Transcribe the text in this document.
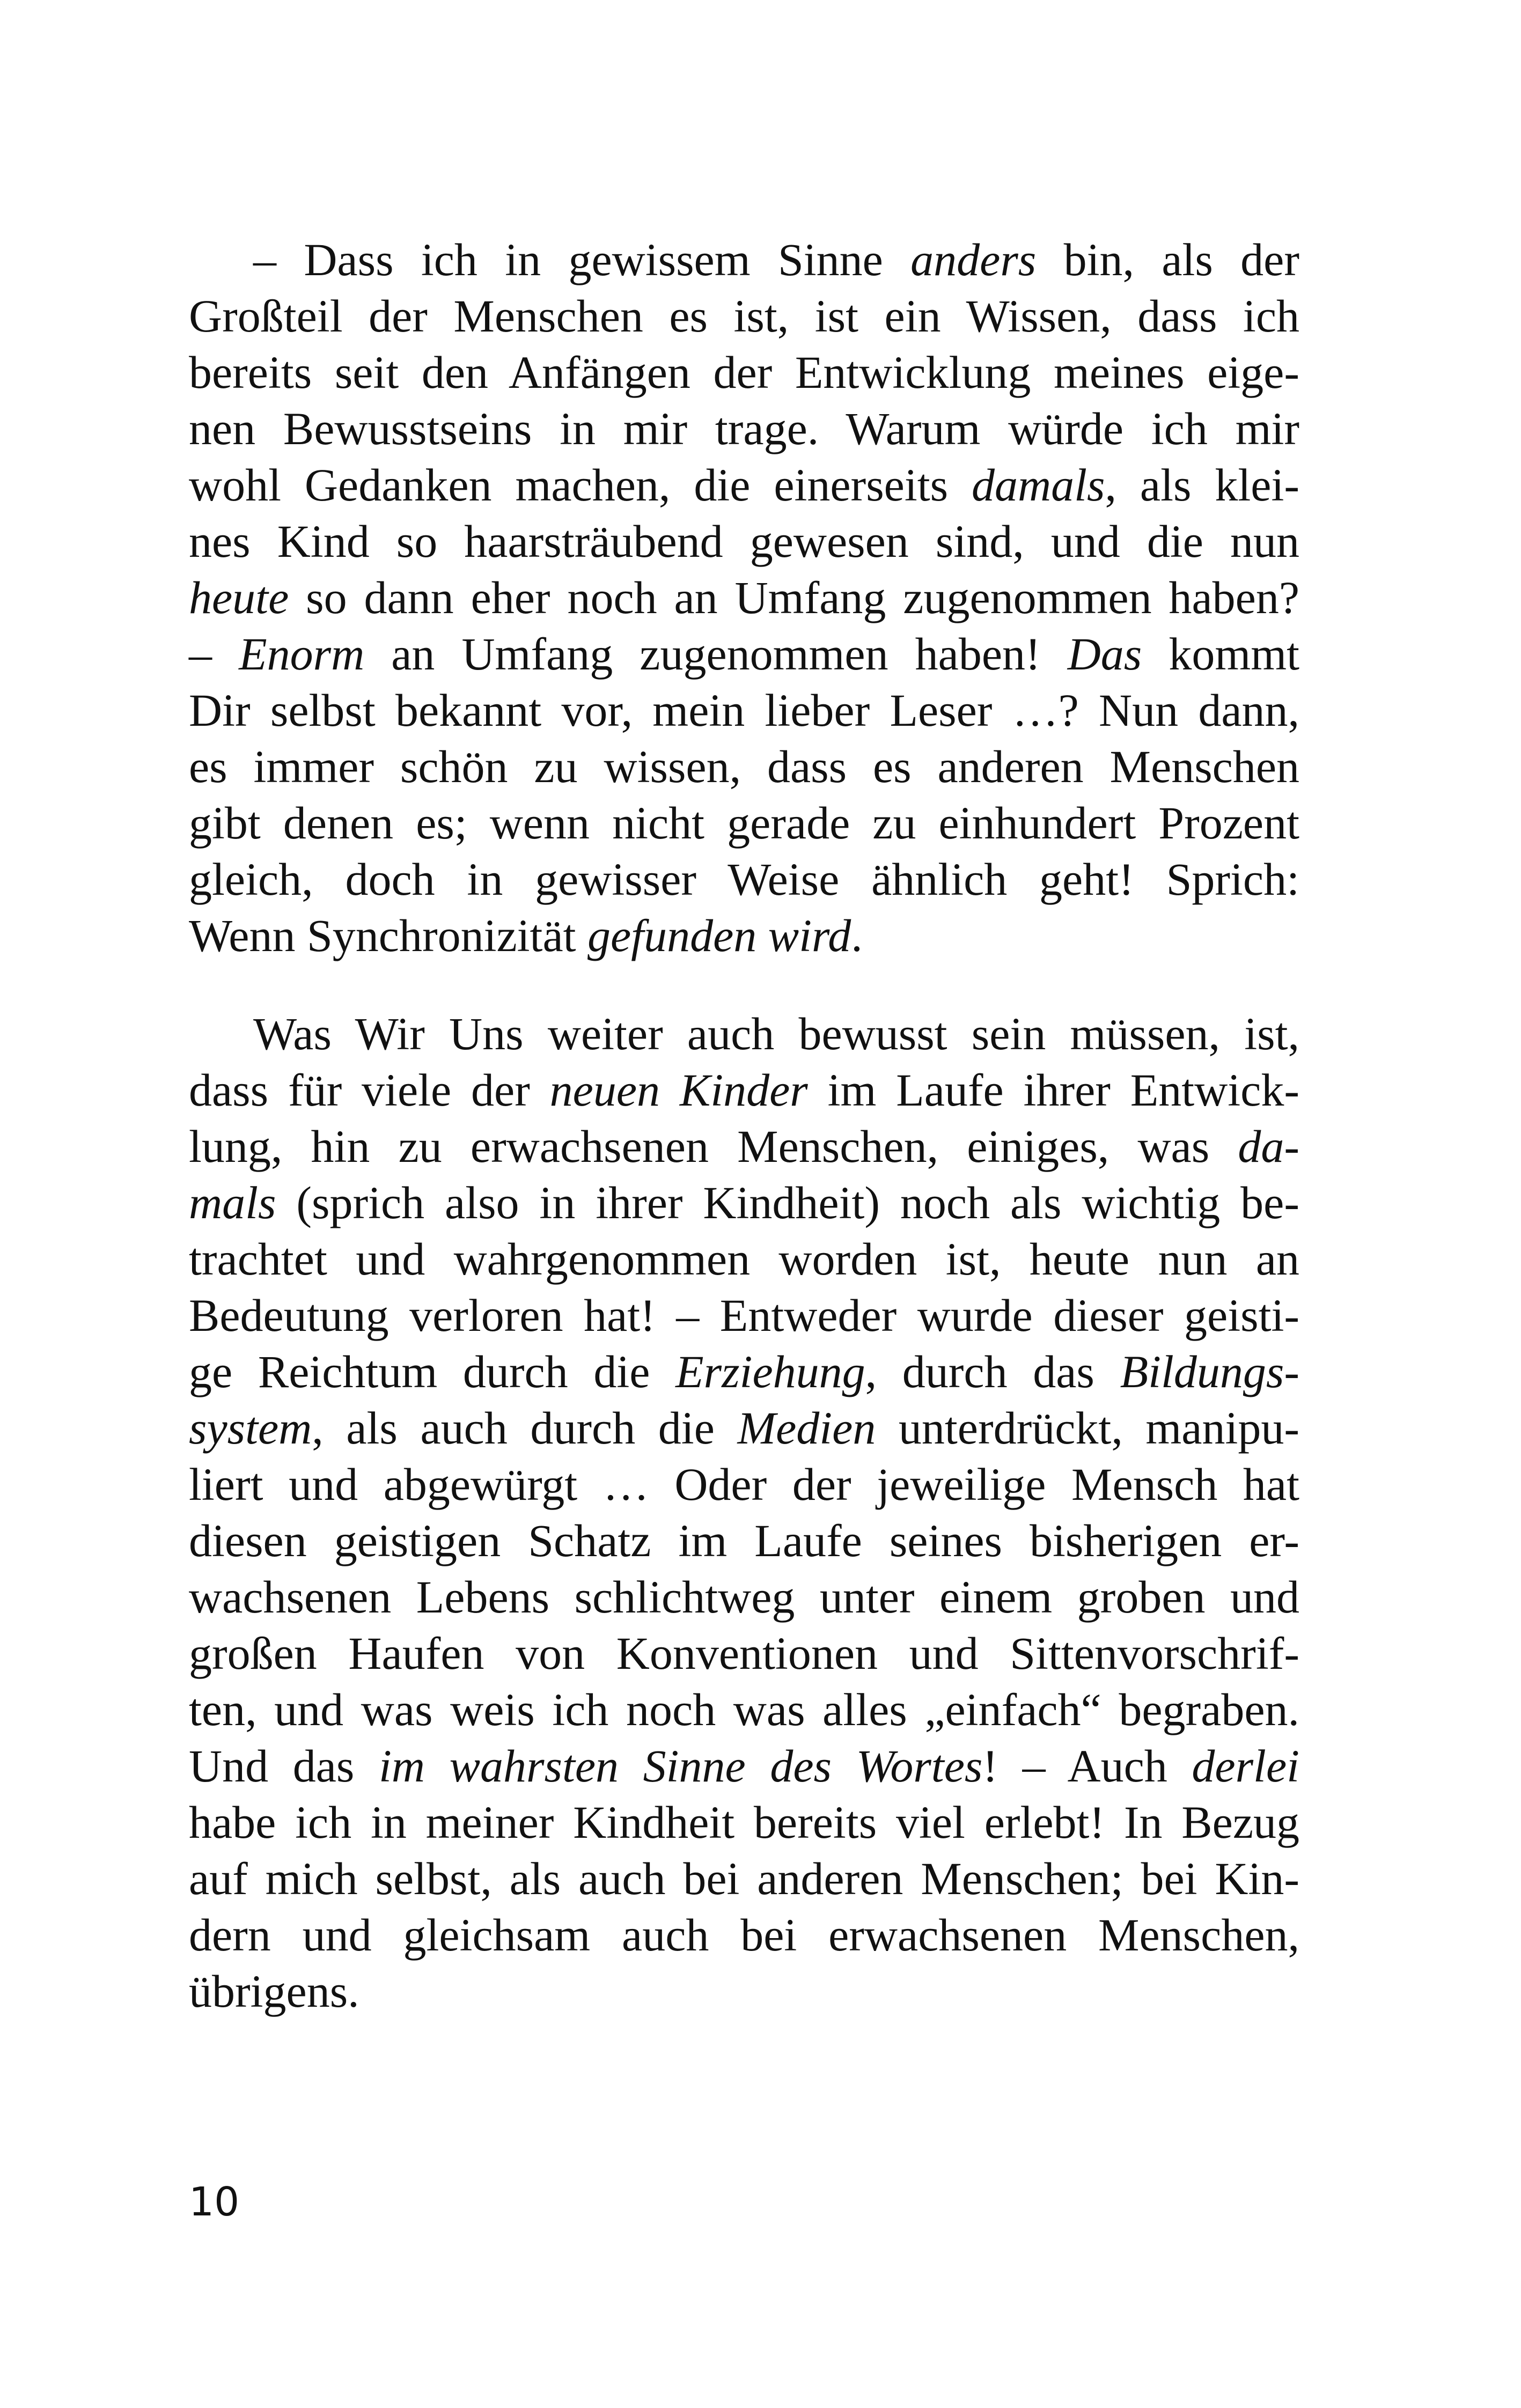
– Dass ich in gewissem Sinne anders bin, als der
Großteil der Menschen es ist, ist ein Wissen, dass ich
bereits seit den Anfängen der Entwicklung meines eige-
nen Bewusstseins in mir trage. Warum würde ich mir
wohl Gedanken machen, die einerseits damals, als klei-
nes Kind so haarsträubend gewesen sind, und die nun
heute so dann eher noch an Umfang zugenommen haben?
– Enorm an Umfang zugenommen haben! Das kommt
Dir selbst bekannt vor, mein lieber Leser …? Nun dann,
es immer schön zu wissen, dass es anderen Menschen
gibt denen es; wenn nicht gerade zu einhundert Prozent
gleich, doch in gewisser Weise ähnlich geht! Sprich:
Wenn Synchronizität gefunden wird.
Was Wir Uns weiter auch bewusst sein müssen, ist,
dass für viele der neuen Kinder im Laufe ihrer Entwick-
lung, hin zu erwachsenen Menschen, einiges, was da-
mals (sprich also in ihrer Kindheit) noch als wichtig be-
trachtet und wahrgenommen worden ist, heute nun an
Bedeutung verloren hat! – Entweder wurde dieser geisti-
ge Reichtum durch die Erziehung, durch das Bildungs-
system, als auch durch die Medien unterdrückt, manipu-
liert und abgewürgt … Oder der jeweilige Mensch hat
diesen geistigen Schatz im Laufe seines bisherigen er-
wachsenen Lebens schlichtweg unter einem groben und
großen Haufen von Konventionen und Sittenvorschrif-
ten, und was weis ich noch was alles „einfach“ begraben.
Und das im wahrsten Sinne des Wortes! – Auch derlei
habe ich in meiner Kindheit bereits viel erlebt! In Bezug
auf mich selbst, als auch bei anderen Menschen; bei Kin-
dern und gleichsam auch bei erwachsenen Menschen,
übrigens.
10
